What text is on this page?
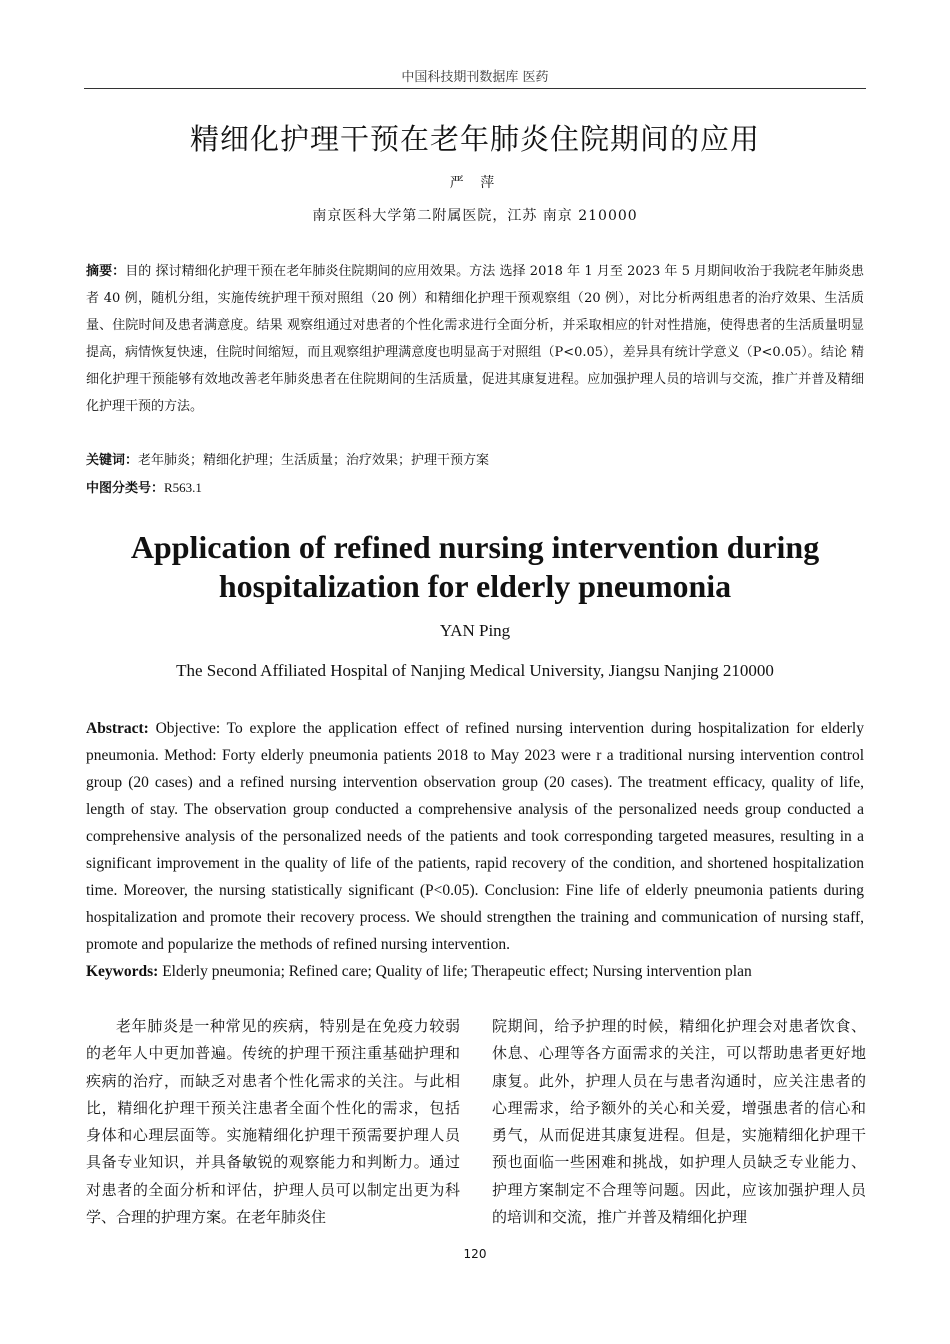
中国科技期刊数据库 医药
精细化护理干预在老年肺炎住院期间的应用
严 萍
南京医科大学第二附属医院，江苏 南京 210000
摘要：目的 探讨精细化护理干预在老年肺炎住院期间的应用效果。方法 选择 2018 年 1 月至 2023 年 5 月期间收治于我院老年肺炎患者 40 例，随机分组，实施传统护理干预对照组（20 例）和精细化护理干预观察组（20 例），对比分析两组患者的治疗效果、生活质量、住院时间及患者满意度。结果 观察组通过对患者的个性化需求进行全面分析，并采取相应的针对性措施，使得患者的生活质量明显提高，病情恢复快速，住院时间缩短，而且观察组护理满意度也明显高于对照组（P<0.05），差异具有统计学意义（P<0.05）。结论 精细化护理干预能够有效地改善老年肺炎患者在住院期间的生活质量，促进其康复进程。应加强护理人员的培训与交流，推广并普及精细化护理干预的方法。
关键词：老年肺炎；精细化护理；生活质量；治疗效果；护理干预方案
中图分类号：R563.1
Application of refined nursing intervention during hospitalization for elderly pneumonia
YAN Ping
The Second Affiliated Hospital of Nanjing Medical University, Jiangsu Nanjing 210000
Abstract: Objective: To explore the application effect of refined nursing intervention during hospitalization for elderly pneumonia. Method: Forty elderly pneumonia patients 2018 to May 2023 were r a traditional nursing intervention control group (20 cases) and a refined nursing intervention observation group (20 cases). The treatment efficacy, quality of life, length of stay. The observation group conducted a comprehensive analysis of the personalized needs group conducted a comprehensive analysis of the personalized needs of the patients and took corresponding targeted measures, resulting in a significant improvement in the quality of life of the patients, rapid recovery of the condition, and shortened hospitalization time. Moreover, the nursing statistically significant (P<0.05). Conclusion: Fine life of elderly pneumonia patients during hospitalization and promote their recovery process. We should strengthen the training and communication of nursing staff, promote and popularize the methods of refined nursing intervention.
Keywords: Elderly pneumonia; Refined care; Quality of life; Therapeutic effect; Nursing intervention plan
老年肺炎是一种常见的疾病，特别是在免疫力较弱的老年人中更加普遍。传统的护理干预注重基础护理和疾病的治疗，而缺乏对患者个性化需求的关注。与此相比，精细化护理干预关注患者全面个性化的需求，包括身体和心理层面等。实施精细化护理干预需要护理人员具备专业知识，并具备敏锐的观察能力和判断力。通过对患者的全面分析和评估，护理人员可以制定出更为科学、合理的护理方案。在老年肺炎住
院期间，给予护理的时候，精细化护理会对患者饮食、休息、心理等各方面需求的关注，可以帮助患者更好地康复。此外，护理人员在与患者沟通时，应关注患者的心理需求，给予额外的关心和关爱，增强患者的信心和勇气，从而促进其康复进程。但是，实施精细化护理干预也面临一些困难和挑战，如护理人员缺乏专业能力、护理方案制定不合理等问题。因此，应该加强护理人员的培训和交流，推广并普及精细化护理
120
